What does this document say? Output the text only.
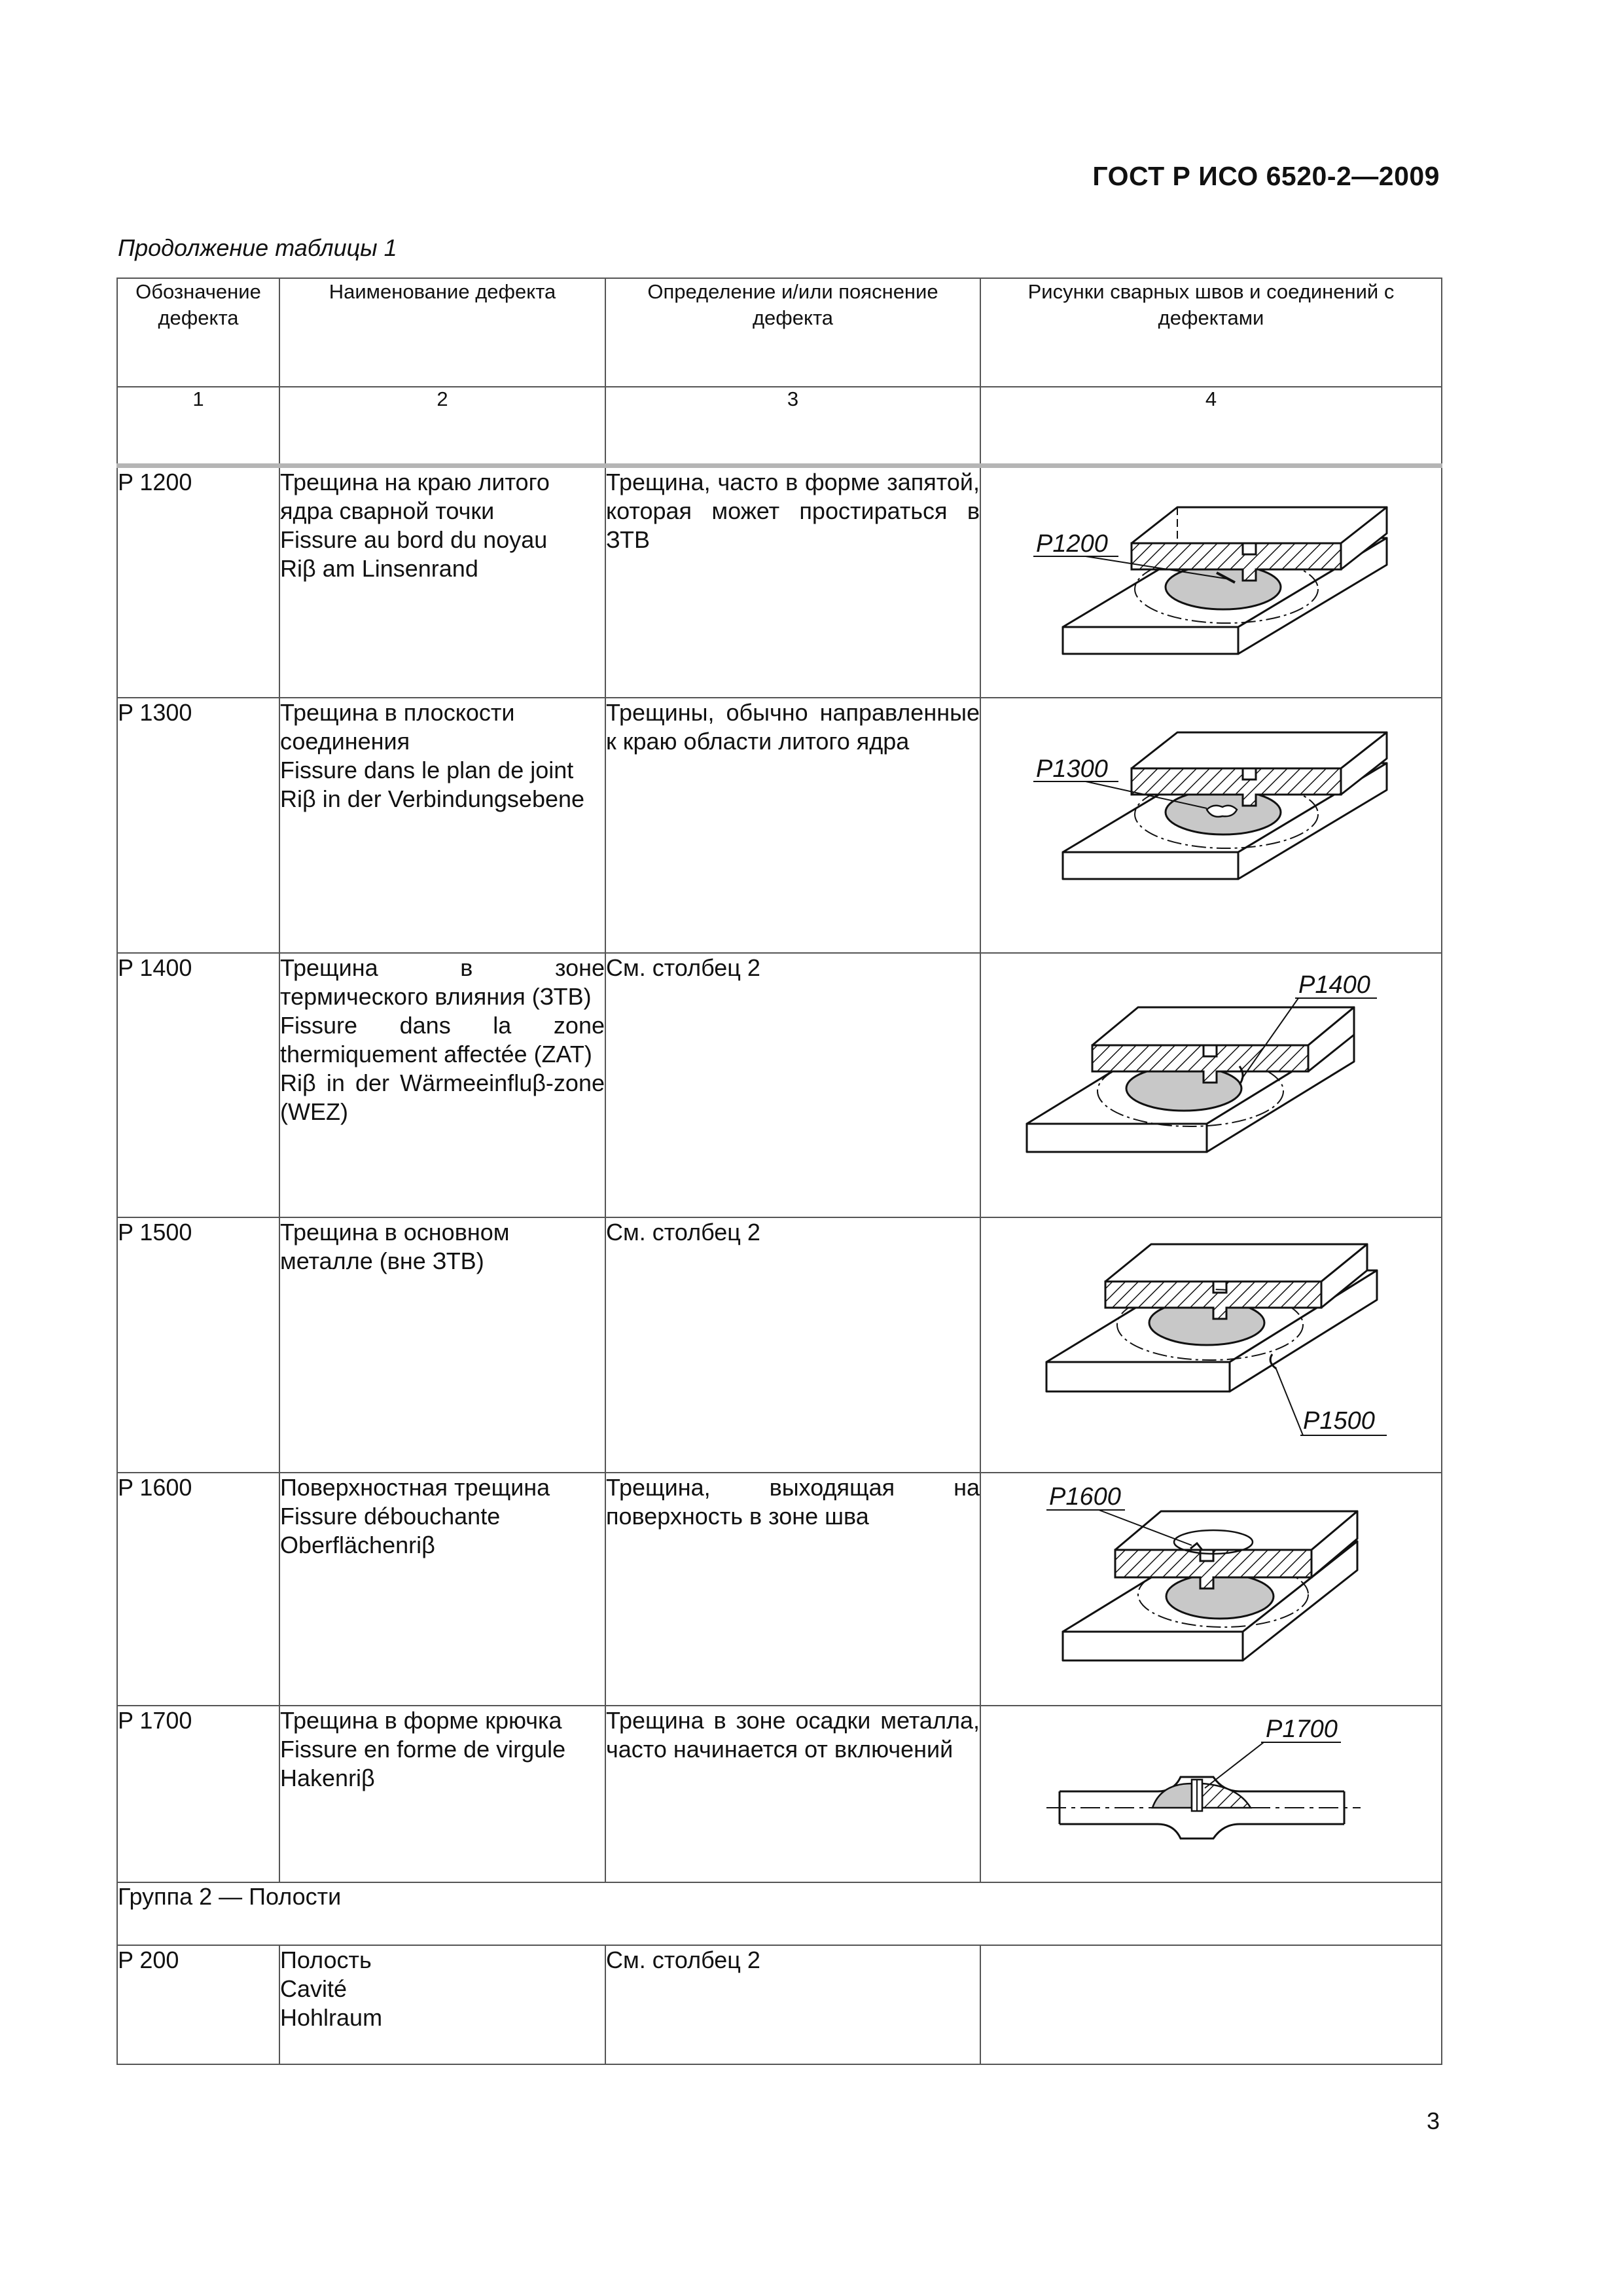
ГОСТ Р ИСО 6520-2—2009
Продолжение таблицы 1
Обозначение дефекта	Наименование дефекта	Определение и/или пояснение дефекта	Рисунки сварных швов и соединений с дефектами
1	2	3	4
P 1200	Трещина на краю литого ядра сварной точки
Fissure au bord du noyau
Riβ am Linsenrand	Трещина, часто в форме запятой, которая может простираться в ЗТВ	P1200

P 1300	Трещина в плоскости соединения
Fissure dans le plan de joint
Riβ in der Verbindungsebene	Трещины, обычно направленные к краю области литого ядра	P1300

P 1400	Трещина в зоне термического влияния (ЗТВ)
Fissure dans la zone thermiquement affectée (ZAT)
Riβ in der Wärmeeinfluβ-zone (WEZ)	См. столбец 2	P1400

P 1500	Трещина в основном металле (вне ЗТВ)	См. столбец 2	P1500

P 1600	Поверхностная трещина
Fissure débouchante
Oberflächenriβ	Трещина, выходящая на поверхность в зоне шва	P1600

P 1700	Трещина в форме крючка
Fissure en forme de virgule
Hakenriβ	Трещина в зоне осадки металла, часто начинается от включений	P1700

Группа 2 — Полости			
P 200	Полость
Cavité
Hohlraum	См. столбец 2	
3
